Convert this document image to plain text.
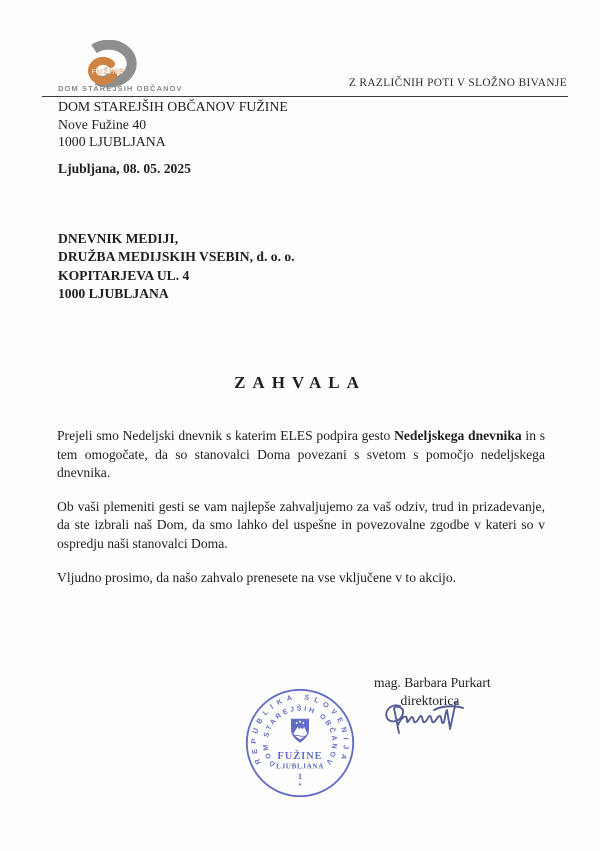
FUŽINE
DOM STAREJŠIH OBČANOV	Z RAZLIČNIH POTI V SLOŽNO BIVANJE
DOM STAREJŠIH OBČANOV FUŽINE
Nove Fužine 40
1000 LJUBLJANA
Ljubljana, 08. 05. 2025
DNEVNIK MEDIJI,
DRUŽBA MEDIJSKIH VSEBIN, d. o. o.
KOPITARJEVA UL. 4
1000 LJUBLJANA
ZAHVALA

Prejeli smo Nedeljski dnevnik s katerim ELES podpira gesto Nedeljskega dnevnika in s tem omogočate, da so stanovalci Doma povezani s svetom s pomočjo nedeljskega dnevnika.

Ob vaši plemeniti gesti se vam najlepše zahvaljujemo za vaš odziv, trud in prizadevanje, da ste izbrali naš Dom, da smo lahko del uspešne in povezovalne zgodbe v kateri so v ospredju naši stanovalci Doma.

Vljudno prosimo, da našo zahvalo prenesete na vse vključene v to akcijo.

mag. Barbara Purkart
direktorica
REPUBLIKA SLOVENIJA
DOM STAREJŠIH OBČANOV
FUŽINE
LJUBLJANA
1
